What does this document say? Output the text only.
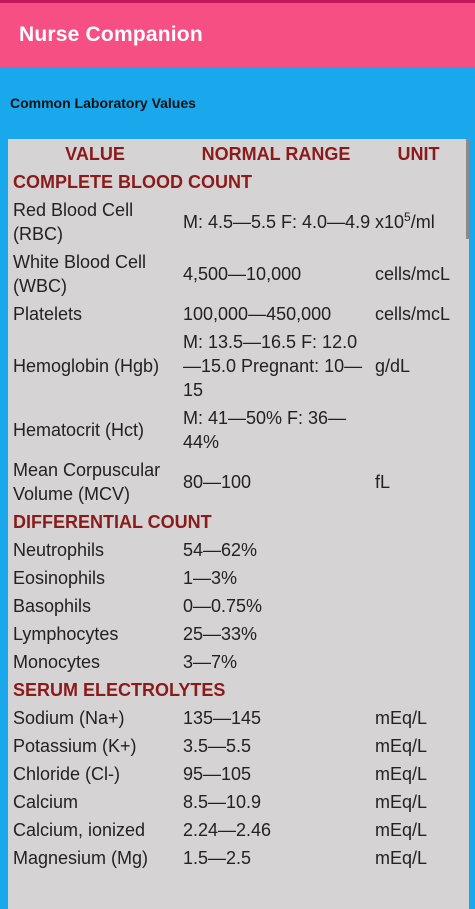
Nurse Companion
Common Laboratory Values
VALUE	NORMAL RANGE	UNIT
COMPLETE BLOOD COUNT		
Red Blood Cell (RBC)	M: 4.5—5.5 F: 4.0—4.9	$x10^5/ml$
White Blood Cell (WBC)	4,500—10,000	cells/mcL
Platelets	100,000—450,000	cells/mcL
Hemoglobin (Hgb)	M: 13.5—16.5 F: 12.0—15.0 Pregnant: 10—15	g/dL
Hematocrit (Hct)	M: 41—50% F: 36—44%	
Mean Corpuscular Volume (MCV)	80—100	fL
DIFFERENTIAL COUNT		
Neutrophils	54—62%	
Eosinophils	1—3%	
Basophils	0—0.75%	
Lymphocytes	25—33%	
Monocytes	3—7%	
SERUM ELECTROLYTES		
Sodium (Na+)	135—145	mEq/L
Potassium (K+)	3.5—5.5	mEq/L
Chloride (Cl-)	95—105	mEq/L
Calcium	8.5—10.9	mEq/L
Calcium, ionized	2.24—2.46	mEq/L
Magnesium (Mg)	1.5—2.5	mEq/L
